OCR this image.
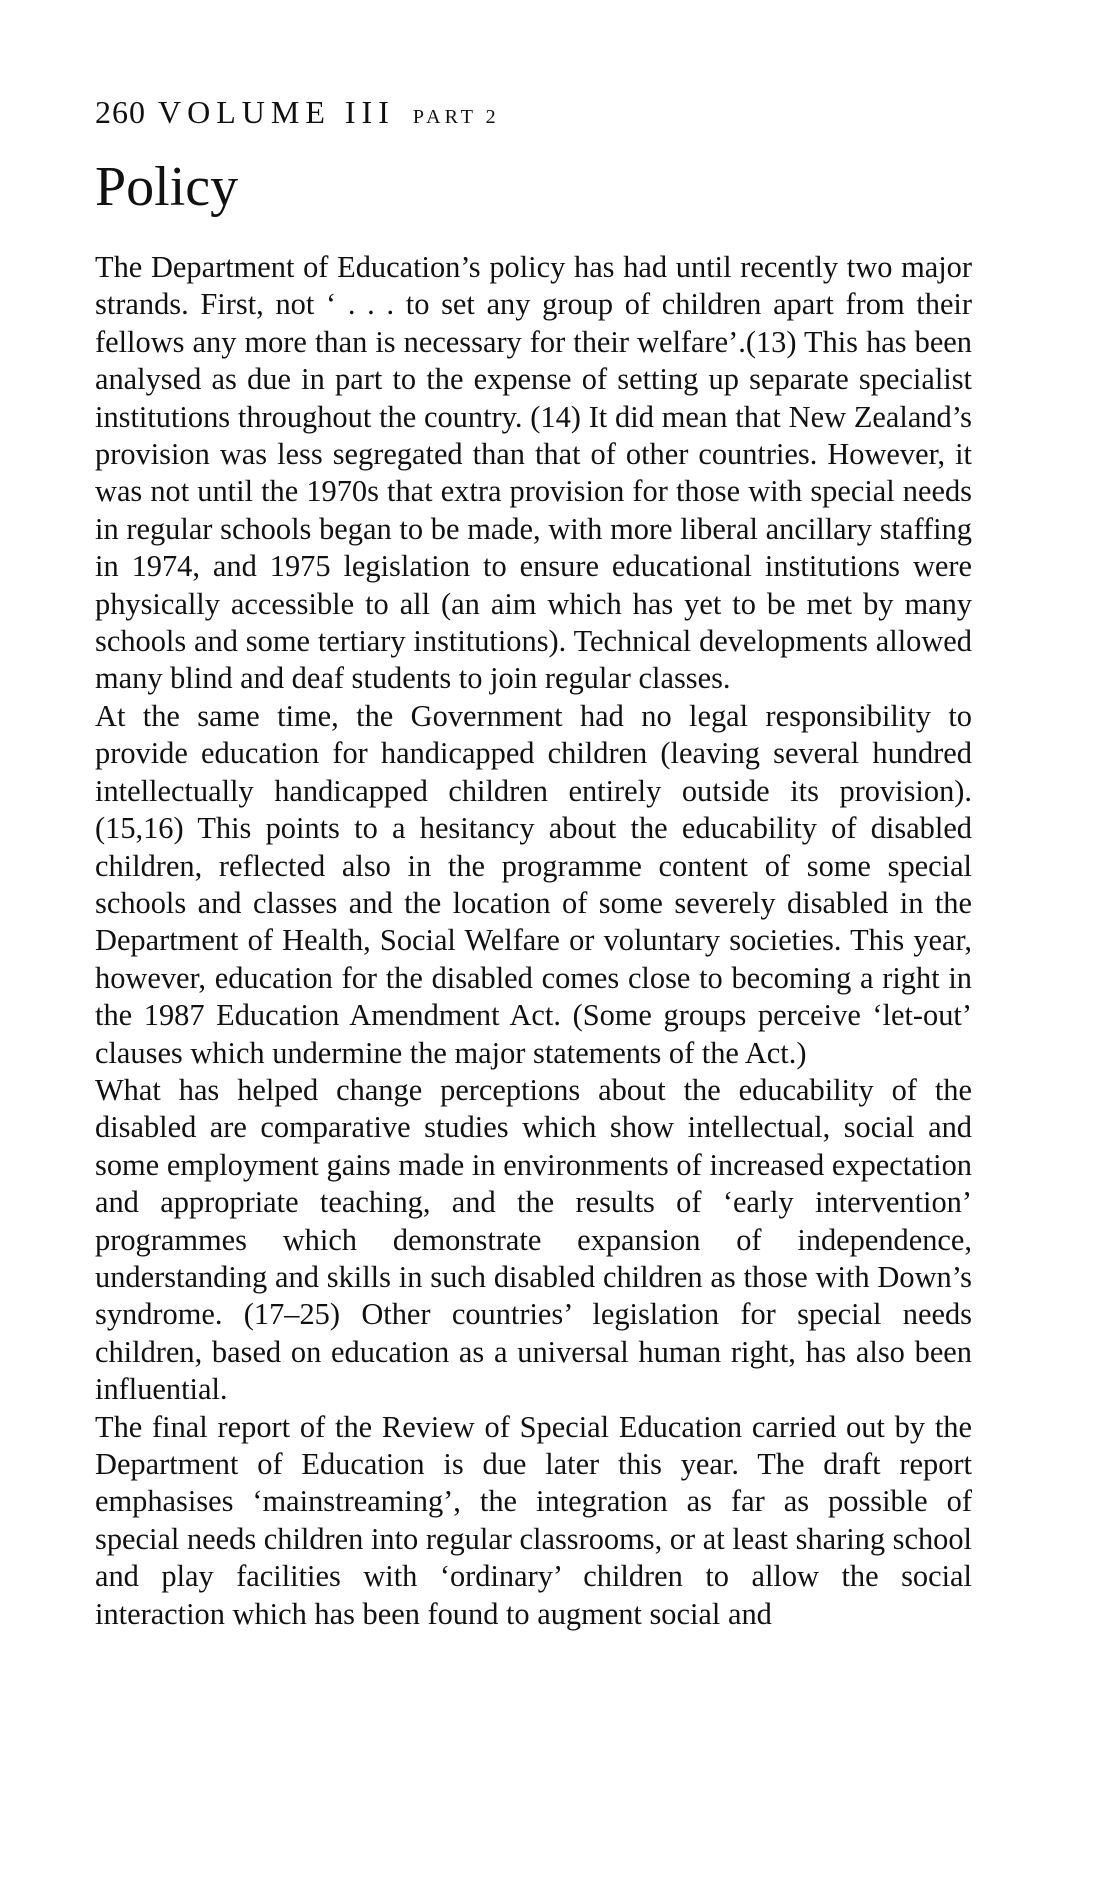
260 VOLUME III PART 2
Policy

The Department of Education’s policy has had until recently two major strands. First, not ‘ . . . to set any group of children apart from their fellows any more than is necessary for their welfare’.(13) This has been analysed as due in part to the expense of setting up separate specialist institutions throughout the country. (14) It did mean that New Zealand’s provision was less segregated than that of other countries. However, it was not until the 1970s that extra provision for those with special needs in regular schools began to be made, with more liberal ancillary staffing in 1974, and 1975 legislation to ensure educational institutions were physically accessible to all (an aim which has yet to be met by many schools and some tertiary institutions). Technical developments allowed many blind and deaf students to join regular classes.

At the same time, the Government had no legal responsibility to provide education for handicapped children (leaving several hundred intellectually handicapped children entirely outside its provision). (15,16) This points to a hesitancy about the educability of disabled children, reflected also in the programme content of some special schools and classes and the location of some severely disabled in the Department of Health, Social Welfare or voluntary societies. This year, however, education for the disabled comes close to becoming a right in the 1987 Education Amendment Act. (Some groups perceive ‘let-out’ clauses which undermine the major statements of the Act.)

What has helped change perceptions about the educability of the disabled are comparative studies which show intellectual, social and some employment gains made in environments of increased expectation and appropriate teaching, and the results of ‘early intervention’ programmes which demonstrate expansion of independence, understanding and skills in such disabled children as those with Down’s syndrome. (17–25) Other countries’ legislation for special needs children, based on education as a universal human right, has also been influential.

The final report of the Review of Special Education carried out by the Department of Education is due later this year. The draft report emphasises ‘mainstreaming’, the integration as far as possible of special needs children into regular classrooms, or at least sharing school and play facilities with ‘ordinary’ children to allow the social interaction which has been found to augment social and
